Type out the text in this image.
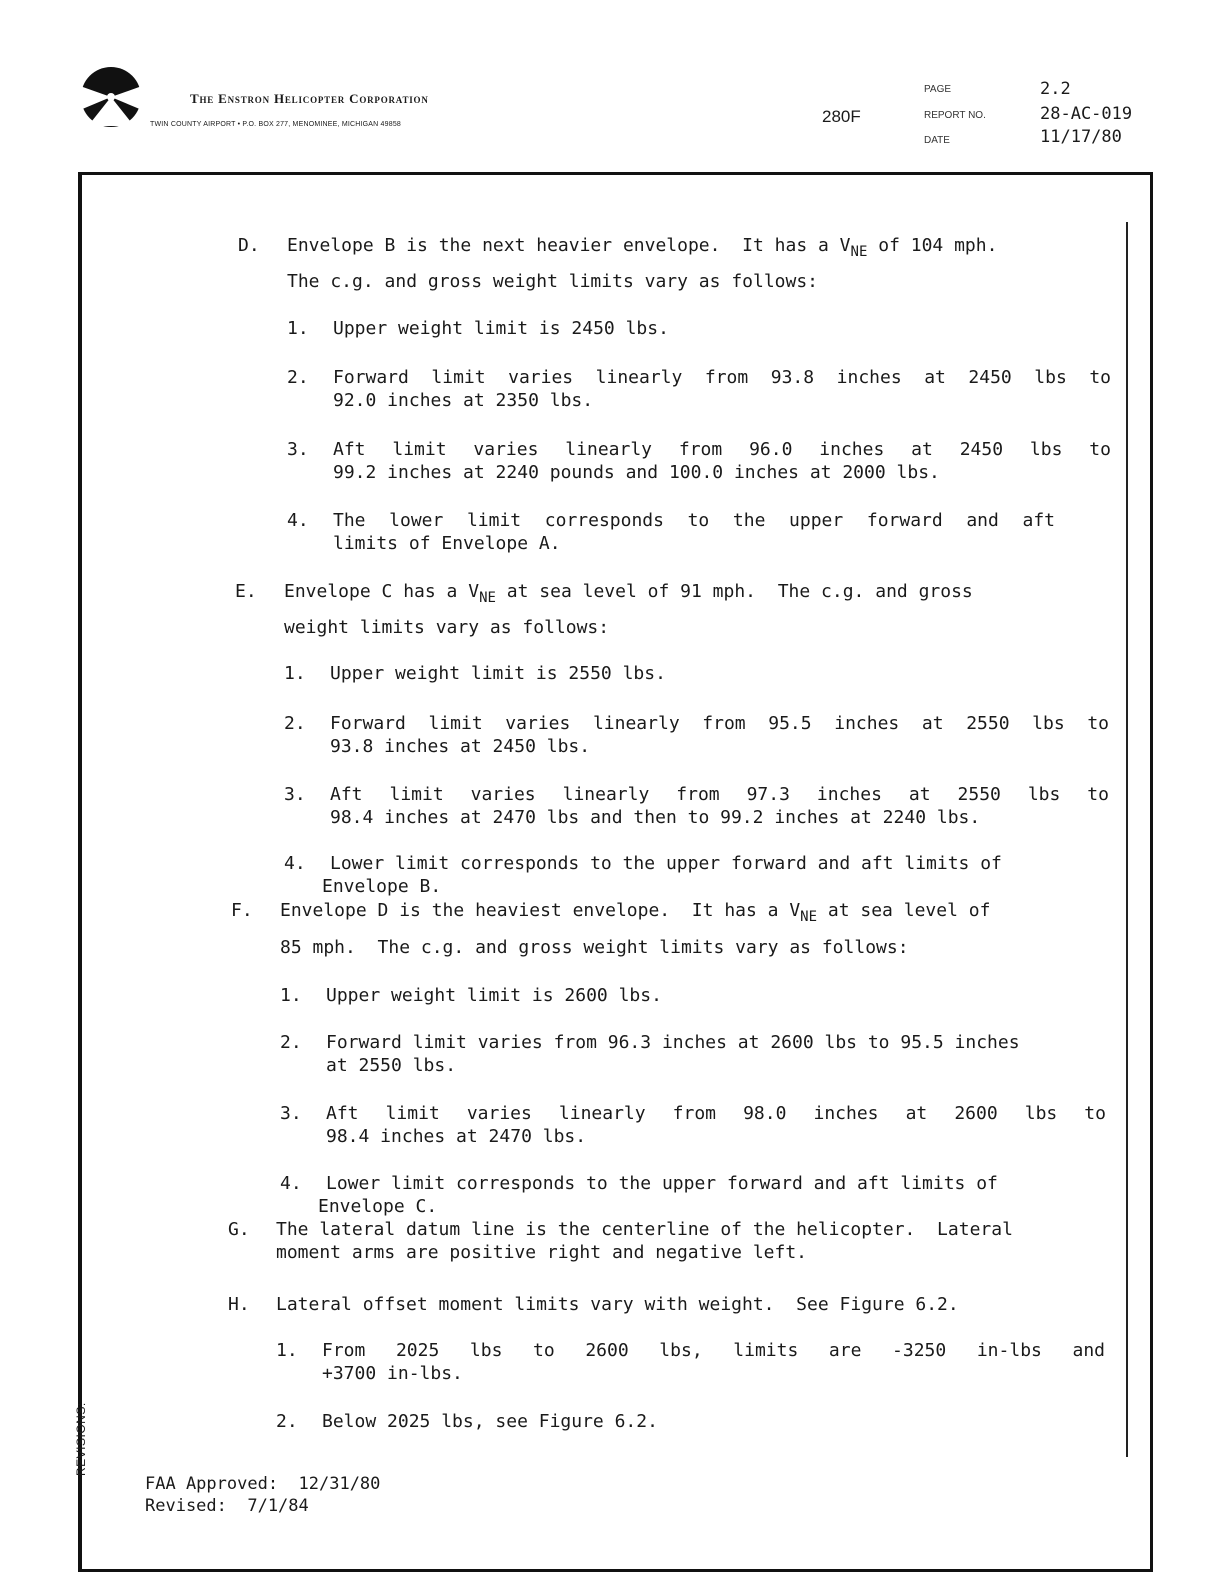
The Enstron Helicopter Corporation
TWIN COUNTY AIRPORT • P.O. BOX 277, MENOMINEE, MICHIGAN 49858	280F
PAGE	2.2
REPORT NO.	28-AC-019
DATE	11/17/80
REVISIONS:
D. Envelope B is the next heavier envelope.  It has a $V_{NE}$ of 104 mph.
The c.g. and gross weight limits vary as follows:
1. Upper weight limit is 2450 lbs.
2. Forward limit varies linearly from 93.8 inches at 2450 lbs to
92.0 inches at 2350 lbs.
3. Aft limit varies linearly from 96.0 inches at 2450 lbs to
99.2 inches at 2240 pounds and 100.0 inches at 2000 lbs.
4. The lower limit corresponds to the upper forward and aft
limits of Envelope A.
E. Envelope C has a $V_{NE}$ at sea level of 91 mph.  The c.g. and gross
weight limits vary as follows:
1. Upper weight limit is 2550 lbs.
2. Forward limit varies linearly from 95.5 inches at 2550 lbs to
93.8 inches at 2450 lbs.
3. Aft limit varies linearly from 97.3 inches at 2550 lbs to
98.4 inches at 2470 lbs and then to 99.2 inches at 2240 lbs.
4. Lower limit corresponds to the upper forward and aft limits of
Envelope B.
F. Envelope D is the heaviest envelope.  It has a $V_{NE}$ at sea level of
85 mph.  The c.g. and gross weight limits vary as follows:
1. Upper weight limit is 2600 lbs.
2. Forward limit varies from 96.3 inches at 2600 lbs to 95.5 inches
at 2550 lbs.
3. Aft limit varies linearly from 98.0 inches at 2600 lbs to
98.4 inches at 2470 lbs.
4. Lower limit corresponds to the upper forward and aft limits of
Envelope C.
G. The lateral datum line is the centerline of the helicopter.  Lateral
moment arms are positive right and negative left.
H. Lateral offset moment limits vary with weight.  See Figure 6.2.
1. From 2025 lbs to 2600 lbs, limits are -3250 in-lbs and
+3700 in-lbs.
2. Below 2025 lbs, see Figure 6.2.
FAA Approved:  12/31/80
Revised:  7/1/84
